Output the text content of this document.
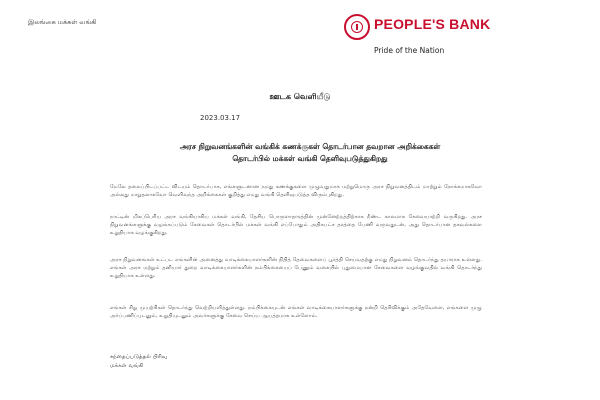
இலங்கை மக்கள் வங்கி	PEOPLE'S BANK
Pride of the Nation
ஊடக வெளியீடு
2023.03.17
அரச நிறுவனங்களின் வங்கிக் கணக்குகள் தொடர்பான தவறான அறிக்கைகள்
தொடர்பில் மக்கள் வங்கி தெளிவுபடுத்துகிறது
மேலே தலைப்பிடப்பட்ட விடயம் தொடர்பாக, எங்களுடனான நமது கணக்குகளை முழுவதுமாக மற்றுமொரு அரச நிறுவனத்திடம் மாற்றும் நோக்கமாகவோ அல்லது மாறுதலாகவோ வெளிவந்த அறிக்கைகள் குறித்து எமது வங்கி தெளிவுபடுத்த விரும்புகிறது.
நாட்டின் மிகப்பெரிய அரச வங்கியாகிய மக்கள் வங்கி, தேசிய பொருளாதாரத்தின் முன்னேற்றத்திற்காக நீண்ட காலமாக சேவையாற்றி வருகிறது. அரச நிறுவனங்களுக்கு வழங்கப்படும் சேவைகள் தொடர்பில் மக்கள் வங்கி எப்போதும் அதிகபட்ச தரத்தை பேணி வருவதுடன், அது தொடர்பான தகவல்களை உறுதியாக வழங்குகிறது.
அரச நிறுவனங்கள் உட்பட எங்களின் அனைத்து வாடிக்கையாளர்களின் நிதித் தேவைகளைப் பூர்த்தி செய்வதற்கு எமது நிறுவனம் தொடர்ந்து தயாராக உள்ளது. எங்கள் அரச மற்றும் தனியார் துறை வாடிக்கையாளர்களின் நம்பிக்கையைப் பேணும் வகையில் புதுமையான சேவைகளை வழங்குவதில் வங்கி தொடர்ந்து உறுதியாக உள்ளது.
எங்கள் சிறு முயற்சிகள் தொடர்ந்து வெற்றியளித்துள்ளது. நம்பிக்கையுடன் எங்கள் வாடிக்கையாளர்களுக்கு நன்றி தெரிவிக்கும் அதேவேளை, எங்களை முழு அர்ப்பணிப்புடனும், உறுதியுடனும் அவர்களுக்கு சேவை செய்ய ஆயத்தமாக உள்ளோம்.
சந்தைப்படுத்தல் பிரிவு
மக்கள் வங்கி
